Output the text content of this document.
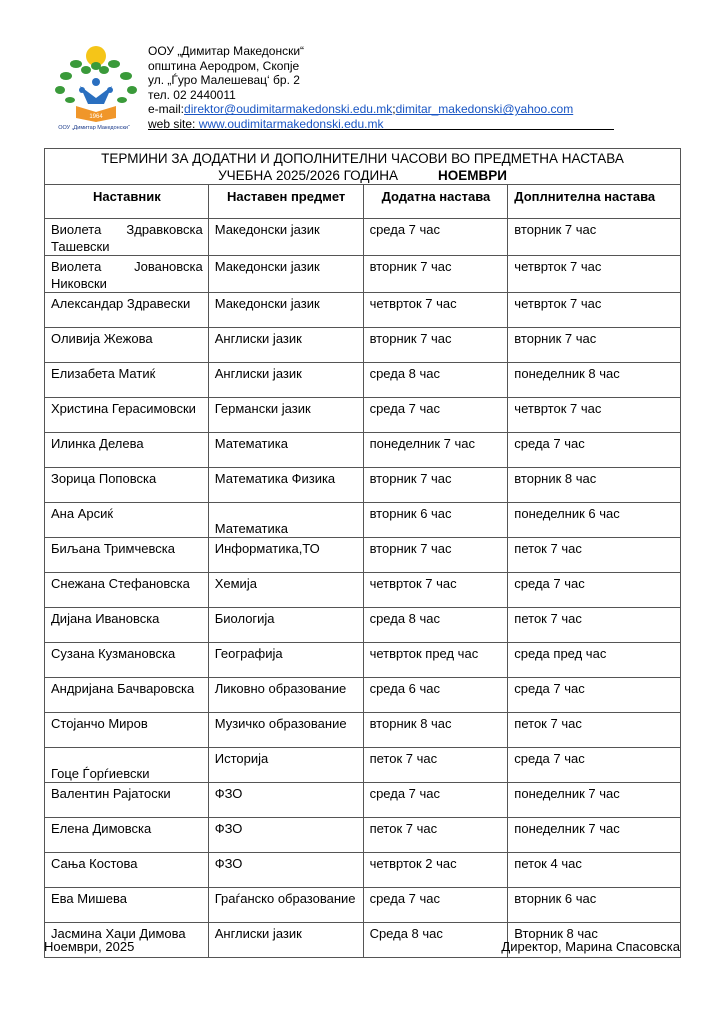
1964
ООУ „Димитар Македонски“
ООУ „Димитар Македонски“
општина Аеродром, Скопје
ул. „Ѓуро Малешевац‘ бр. 2
тел. 02 2440011
e-mail:direktor@oudimitarmakedonski.edu.mk;dimitar_makedonski@yahoo.com
web site: www.oudimitarmakedonski.edu.mk
ТЕРМИНИ ЗА ДОДАТНИ И ДОПОЛНИТЕЛНИ ЧАСОВИ ВО ПРЕДМЕТНА НАСТАВА
УЧЕБНА 2025/2026 ГОДИНА НОЕМВРИ			

Наставник	Наставен предмет	Додатна настава	Доплнителна настава
Виолета Здравковска Ташевски	Македонски јазик	среда 7 час	вторник 7 час
Виолета Јовановска Никовски	Македонски јазик	вторник 7 час	четврток 7 час
Александар Здравески	Македонски јазик	четврток 7 час	четврток 7 час
Оливија Жежова	Англиски јазик	вторник 7 час	вторник 7 час
Елизабета Матиќ	Англиски јазик	среда 8 час	понеделник 8 час
Христина Герасимовски	Германски јазик	среда 7 час	четврток 7 час
Илинка Делева	Математика	понеделник 7 час	среда 7 час
Зорица Поповска	Математика Физика	вторник 7 час	вторник 8 час
Ана Арсиќ	Математика	вторник 6 час	понеделник 6 час
Биљана Тримчевска	Информатика,ТО	вторник 7 час	петок 7 час
Снежана Стефановска	Хемија	четврток 7 час	среда 7 час
Дијана Ивановска	Биологија	среда 8 час	петок 7 час
Сузана Кузмановска	Географија	четврток пред час	среда пред час
Андријана Бачваровска	Ликовно образование	среда 6 час	среда 7 час
Стојанчо Миров	Музичко образование	вторник 8 час	петок 7 час
Гоце Ѓорѓиевски	Историја	петок 7 час	среда 7 час
Валентин Рајатоски	ФЗО	среда 7 час	понеделник 7 час
Елена Димовска	ФЗО	петок 7 час	понеделник 7 час
Сања Костова	ФЗО	четврток 2 час	петок 4 час
Ева Мишева	Граѓанско образование	среда 7 час	вторник 6 час
Јасмина Хаџи Димова	Англиски јазик	Среда 8 час	Вторник 8 час
Ноември, 2025	Директор, Марина Спасовска
